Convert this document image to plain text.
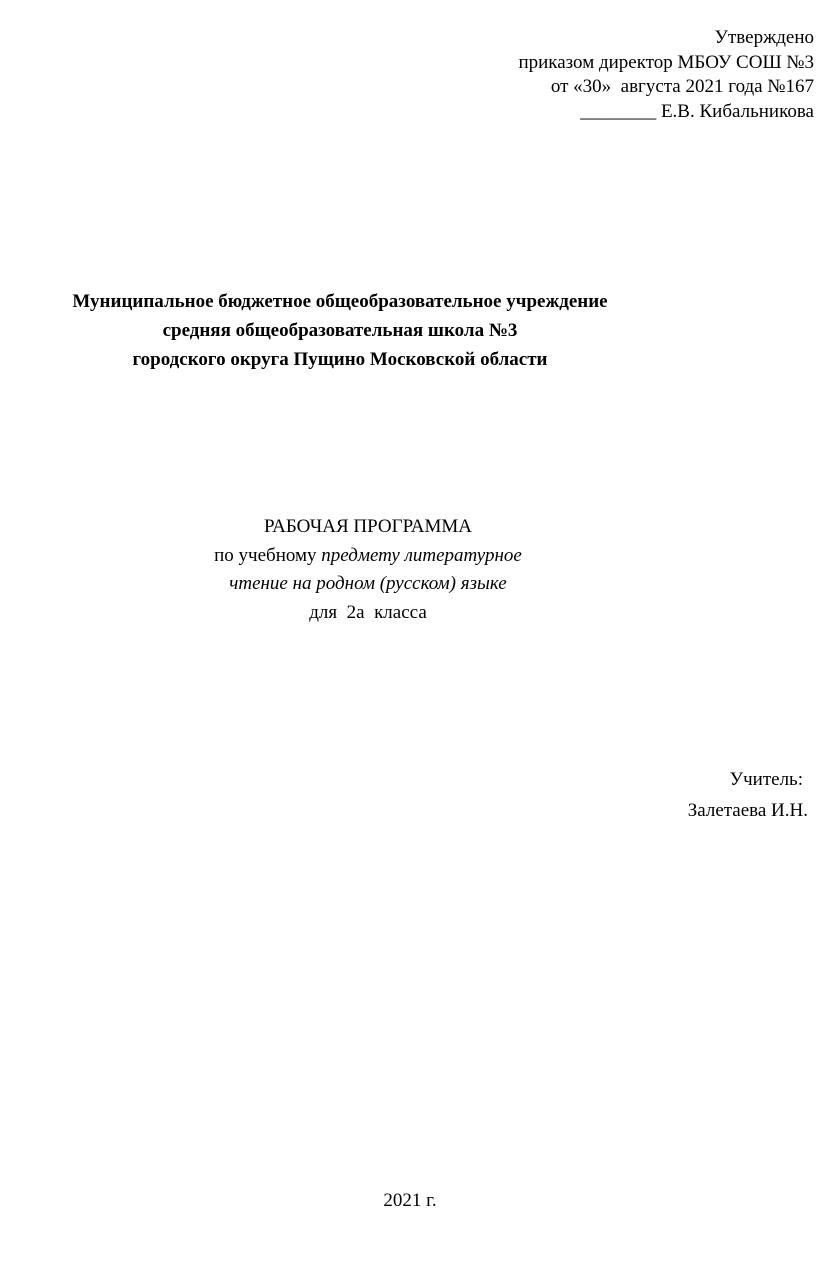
Утверждено
приказом директор МБОУ СОШ №3
от «30»  августа 2021 года №167
________ Е.В. Кибальникова
Муниципальное бюджетное общеобразовательное учреждение
средняя общеобразовательная школа №3
городского округа Пущино Московской области
РАБОЧАЯ ПРОГРАММА
по учебному предмету литературное
чтение на родном (русском) языке
для  2а  класса
Учитель:
Залетаева И.Н.
2021 г.
